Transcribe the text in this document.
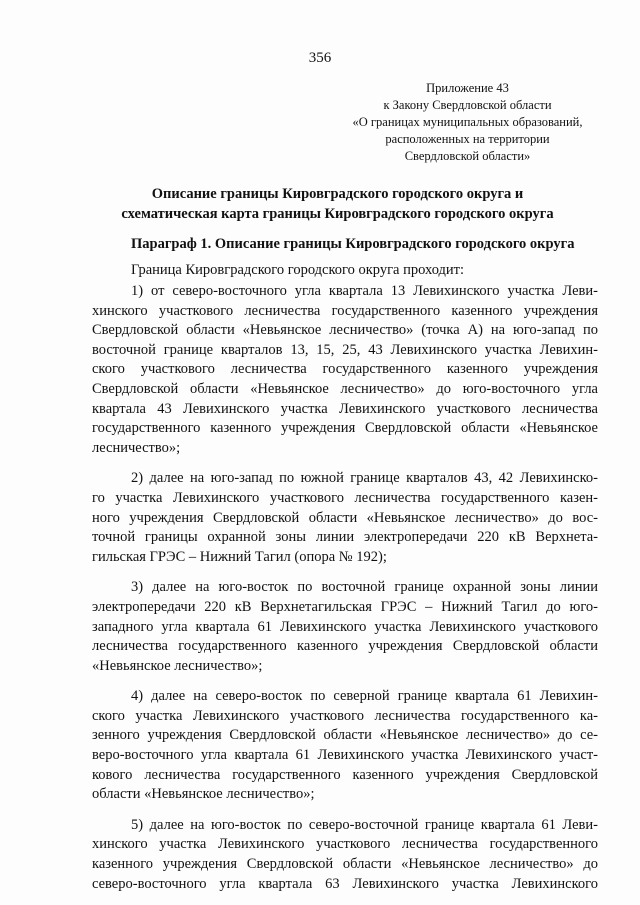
356
Приложение 43
к Закону Свердловской области
«О границах муниципальных образований,
расположенных на территории
Свердловской области»
Описание границы Кировградского городского округа и
схематическая карта границы Кировградского городского округа
Параграф 1. Описание границы Кировградского городского округа
Граница Кировградского городского округа проходит:
1) от северо-восточного угла квартала 13 Левихинского участка Леви-
хинского участкового лесничества государственного казенного учреждения
Свердловской области «Невьянское лесничество» (точка А) на юго-запад по
восточной границе кварталов 13, 15, 25, 43 Левихинского участка Левихин-
ского участкового лесничества государственного казенного учреждения
Свердловской области «Невьянское лесничество» до юго-восточного угла
квартала 43 Левихинского участка Левихинского участкового лесничества
государственного казенного учреждения Свердловской области «Невьянское
лесничество»;
2) далее на юго-запад по южной границе кварталов 43, 42 Левихинско-
го участка Левихинского участкового лесничества государственного казен-
ного учреждения Свердловской области «Невьянское лесничество» до вос-
точной границы охранной зоны линии электропередачи 220 кВ Верхнета-
гильская ГРЭС – Нижний Тагил (опора № 192);
3) далее на юго-восток по восточной границе охранной зоны линии
электропередачи 220 кВ Верхнетагильская ГРЭС – Нижний Тагил до юго-
западного угла квартала 61 Левихинского участка Левихинского участкового
лесничества государственного казенного учреждения Свердловской области
«Невьянское лесничество»;
4) далее на северо-восток по северной границе квартала 61 Левихин-
ского участка Левихинского участкового лесничества государственного ка-
зенного учреждения Свердловской области «Невьянское лесничество» до се-
веро-восточного угла квартала 61 Левихинского участка Левихинского участ-
кового лесничества государственного казенного учреждения Свердловской
области «Невьянское лесничество»;
5) далее на юго-восток по северо-восточной границе квартала 61 Леви-
хинского участка Левихинского участкового лесничества государственного
казенного учреждения Свердловской области «Невьянское лесничество» до
северо-восточного угла квартала 63 Левихинского участка Левихинского
